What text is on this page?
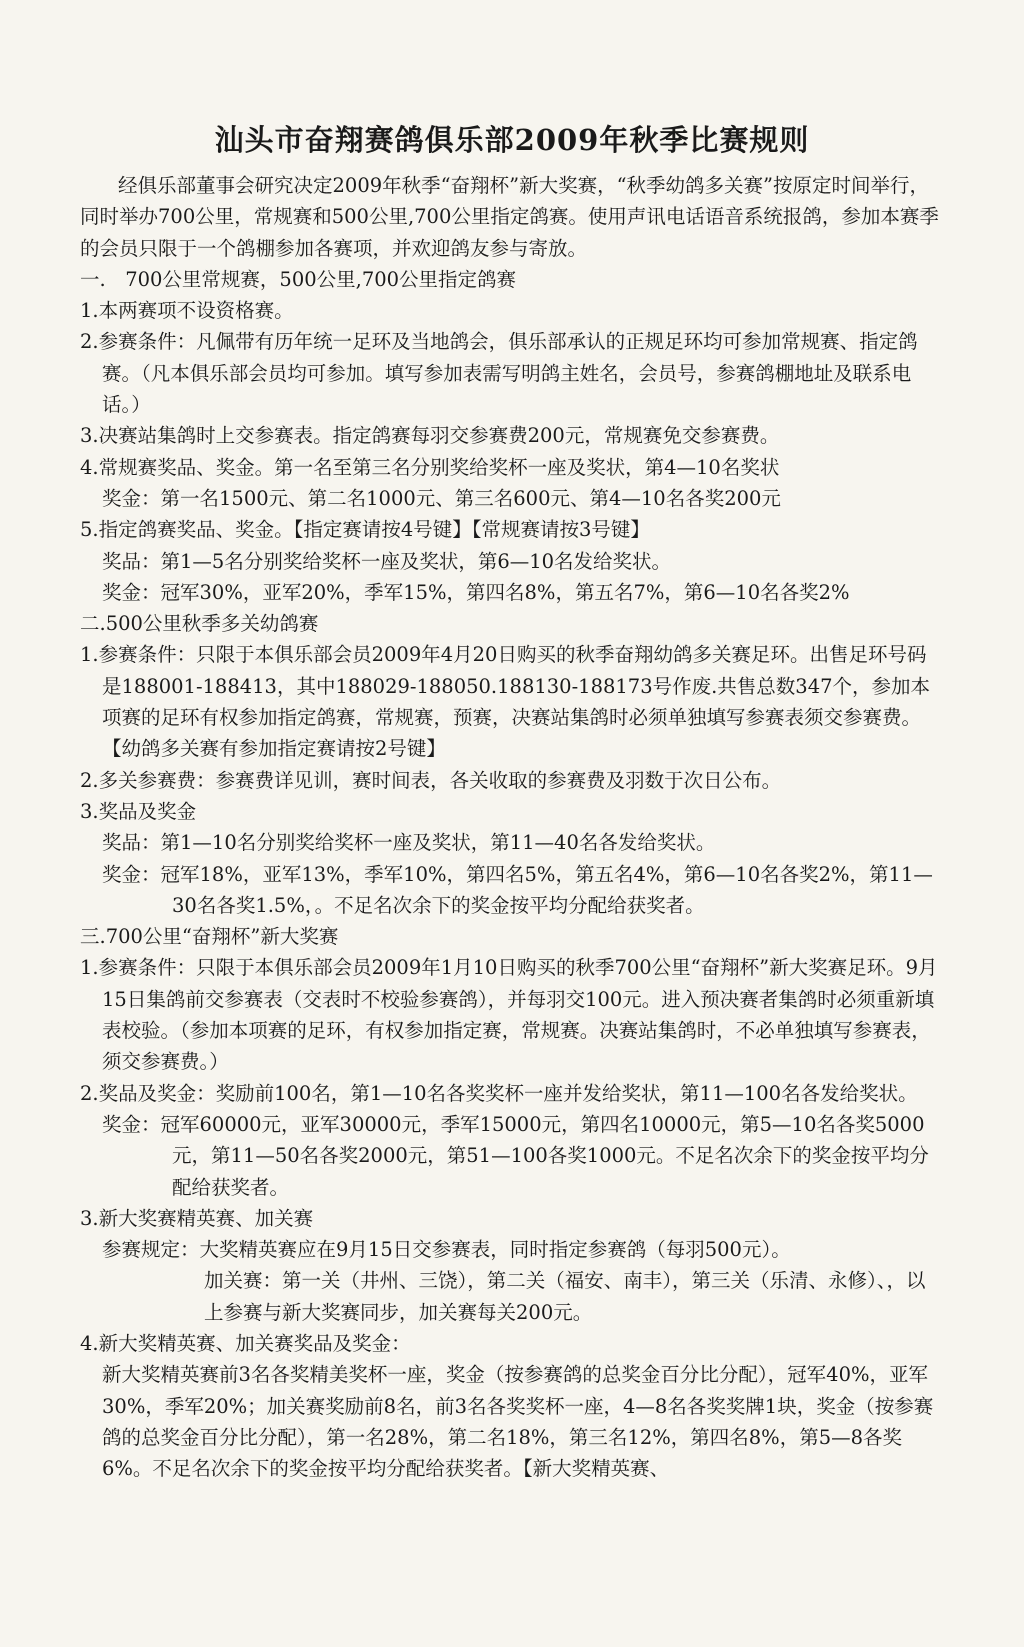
汕头市奋翔赛鸽俱乐部2009年秋季比赛规则

经俱乐部董事会研究决定2009年秋季“奋翔杯”新大奖赛，“秋季幼鸽多关赛”按原定时间举行，同时举办700公里，常规赛和500公里,700公里指定鸽赛。使用声讯电话语音系统报鸽，参加本赛季的会员只限于一个鸽棚参加各赛项，并欢迎鸽友参与寄放。

一.　700公里常规赛，500公里,700公里指定鸽赛

1.本两赛项不设资格赛。

2.参赛条件：凡佩带有历年统一足环及当地鸽会，俱乐部承认的正规足环均可参加常规赛、指定鸽赛。（凡本俱乐部会员均可参加。填写参加表需写明鸽主姓名，会员号，参赛鸽棚地址及联系电话。）

3.决赛站集鸽时上交参赛表。指定鸽赛每羽交参赛费200元，常规赛免交参赛费。

4.常规赛奖品、奖金。第一名至第三名分别奖给奖杯一座及奖状，第4—10名奖状

奖金：第一名1500元、第二名1000元、第三名600元、第4—10名各奖200元

5.指定鸽赛奖品、奖金。【指定赛请按4号键】【常规赛请按3号键】

奖品：第1—5名分别奖给奖杯一座及奖状，第6—10名发给奖状。

奖金：冠军30%，亚军20%，季军15%，第四名8%，第五名7%，第6—10名各奖2%

二.500公里秋季多关幼鸽赛

1.参赛条件：只限于本俱乐部会员2009年4月20日购买的秋季奋翔幼鸽多关赛足环。出售足环号码是188001-188413，其中188029-188050.188130-188173号作废.共售总数347个，参加本项赛的足环有权参加指定鸽赛，常规赛，预赛，决赛站集鸽时必须单独填写参赛表须交参赛费。【幼鸽多关赛有参加指定赛请按2号键】

2.多关参赛费：参赛费详见训，赛时间表，各关收取的参赛费及羽数于次日公布。

3.奖品及奖金

奖品：第1—10名分别奖给奖杯一座及奖状，第11—40名各发给奖状。

奖金：冠军18%，亚军13%，季军10%，第四名5%，第五名4%，第6—10名各奖2%，第11—30名各奖1.5%，。不足名次余下的奖金按平均分配给获奖者。

三.700公里“奋翔杯”新大奖赛

1.参赛条件：只限于本俱乐部会员2009年1月10日购买的秋季700公里“奋翔杯”新大奖赛足环。9月15日集鸽前交参赛表（交表时不校验参赛鸽），并每羽交100元。进入预决赛者集鸽时必须重新填表校验。（参加本项赛的足环，有权参加指定赛，常规赛。决赛站集鸽时，不必单独填写参赛表，须交参赛费。）

2.奖品及奖金：奖励前100名，第1—10名各奖奖杯一座并发给奖状，第11—100名各发给奖状。

奖金：冠军60000元，亚军30000元，季军15000元，第四名10000元，第5—10名各奖5000元，第11—50名各奖2000元，第51—100各奖1000元。不足名次余下的奖金按平均分配给获奖者。

3.新大奖赛精英赛、加关赛

参赛规定：大奖精英赛应在9月15日交参赛表，同时指定参赛鸽（每羽500元）。

加关赛：第一关（井州、三饶），第二关（福安、南丰），第三关（乐清、永修）、，以上参赛与新大奖赛同步，加关赛每关200元。

4.新大奖精英赛、加关赛奖品及奖金：

新大奖精英赛前3名各奖精美奖杯一座，奖金（按参赛鸽的总奖金百分比分配），冠军40%，亚军30%，季军20%；加关赛奖励前8名，前3名各奖奖杯一座，4—8名各奖奖牌1块，奖金（按参赛鸽的总奖金百分比分配），第一名28%，第二名18%，第三名12%，第四名8%，第5—8各奖6%。不足名次余下的奖金按平均分配给获奖者。【新大奖精英赛、
